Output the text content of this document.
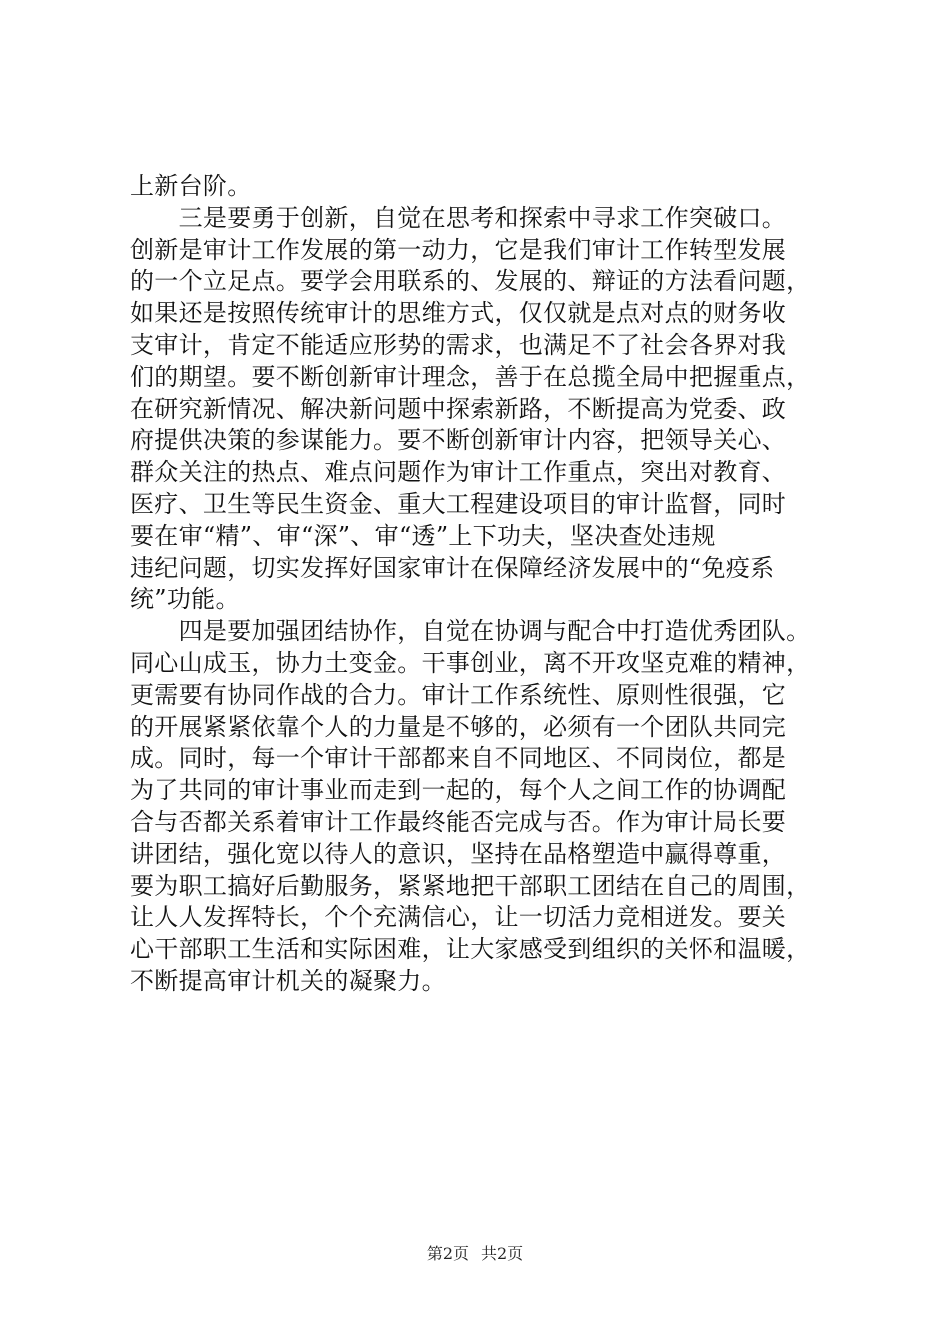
上新台阶。
　　三是要勇于创新，自觉在思考和探索中寻求工作突破口。
创新是审计工作发展的第一动力，它是我们审计工作转型发展
的一个立足点。要学会用联系的、发展的、辩证的方法看问题，
如果还是按照传统审计的思维方式，仅仅就是点对点的财务收
支审计，肯定不能适应形势的需求，也满足不了社会各界对我
们的期望。要不断创新审计理念，善于在总揽全局中把握重点，
在研究新情况、解决新问题中探索新路，不断提高为党委、政
府提供决策的参谋能力。要不断创新审计内容，把领导关心、
群众关注的热点、难点问题作为审计工作重点，突出对教育、
医疗、卫生等民生资金、重大工程建设项目的审计监督，同时
要在审“精”、审“深”、审“透”上下功夫，坚决查处违规
违纪问题，切实发挥好国家审计在保障经济发展中的“免疫系
统”功能。
　　四是要加强团结协作，自觉在协调与配合中打造优秀团队。
同心山成玉，协力土变金。干事创业，离不开攻坚克难的精神，
更需要有协同作战的合力。审计工作系统性、原则性很强，它
的开展紧紧依靠个人的力量是不够的，必须有一个团队共同完
成。同时，每一个审计干部都来自不同地区、不同岗位，都是
为了共同的审计事业而走到一起的，每个人之间工作的协调配
合与否都关系着审计工作最终能否完成与否。作为审计局长要
讲团结，强化宽以待人的意识，坚持在品格塑造中赢得尊重，
要为职工搞好后勤服务，紧紧地把干部职工团结在自己的周围，
让人人发挥特长，个个充满信心，让一切活力竞相迸发。要关
心干部职工生活和实际困难，让大家感受到组织的关怀和温暖，
不断提高审计机关的凝聚力。
第2页 共2页
